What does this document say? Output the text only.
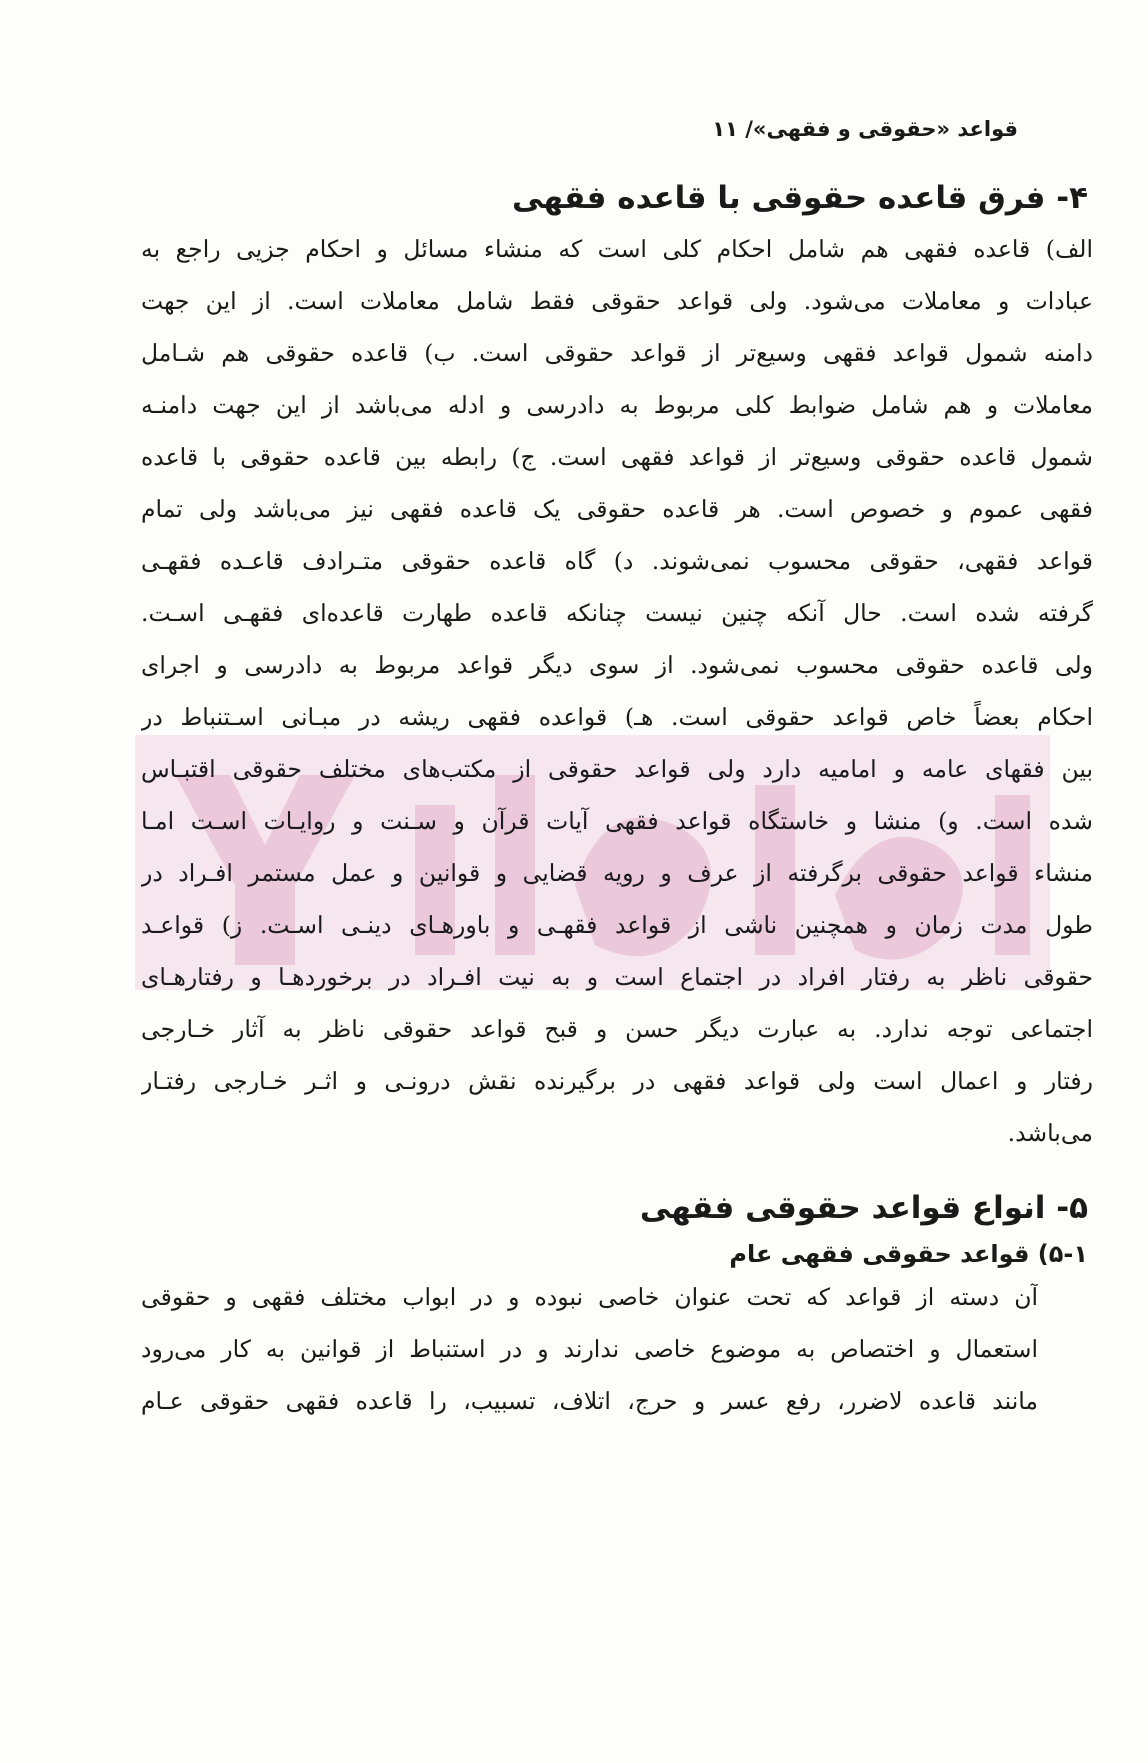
قواعد «حقوقی و فقهی»/ ۱۱
۴- فرق قاعده حقوقی با قاعده فقهی
الف) قاعده فقهی هم شامل احکام کلی است که منشاء مسائل و احکام جزیی راجع به
عبادات و معاملات می‌شود. ولی قواعد حقوقی فقط شامل معاملات است. از این جهت
دامنه شمول قواعد فقهی وسیع‌تر از قواعد حقوقی است. ب) قاعده حقوقی هم شـامل
معاملات و هم شامل ضوابط کلی مربوط به دادرسی و ادله می‌باشد از این جهت دامنـه
شمول قاعده حقوقی وسیع‌تر از قواعد فقهی است. ج) رابطه بین قاعده حقوقی با قاعده
فقهی عموم و خصوص است. هر قاعده حقوقی یک قاعده فقهی نیز می‌باشد ولی تمام
قواعد فقهی، حقوقی محسوب نمی‌شوند. د) گاه قاعده حقوقی متـرادف قاعـده فقهـی
گرفته شده است. حال آنکه چنین نیست چنانکه قاعده طهارت قاعده‌ای فقهـی اسـت.
ولی قاعده حقوقی محسوب نمی‌شود. از سوی دیگر قواعد مربوط به دادرسی و اجرای
احکام بعضاً خاص قواعد حقوقی است. هـ) قواعده فقهی ریشه در مبـانی اسـتنباط در
بین فقهای عامه و امامیه دارد ولی قواعد حقوقی از مکتب‌های مختلف حقوقی اقتبـاس
شده است. و) منشا و خاستگاه قواعد فقهی آیات قرآن و سـنت و روایـات اسـت امـا
منشاء قواعد حقوقی برگرفته از عرف و رویه قضایی و قوانین و عمل مستمر افـراد در
طول مدت زمان و همچنین ناشی از قواعد فقهـی و باورهـای دینـی اسـت. ز) قواعـد
حقوقی ناظر به رفتار افراد در اجتماع است و به نیت افـراد در برخوردهـا و رفتارهـای
اجتماعی توجه ندارد. به عبارت دیگر حسن و قبح قواعد حقوقی ناظر به آثار خـارجی
رفتار و اعمال است ولی قواعد فقهی در برگیرنده نقش درونـی و اثـر خـارجی رفتـار
می‌باشد.
۵- انواع قواعد حقوقی فقهی
۵-۱) قواعد حقوقی فقهی عام
آن دسته از قواعد که تحت عنوان خاصی نبوده و در ابواب مختلف فقهی و حقوقی
استعمال و اختصاص به موضوع خاصی ندارند و در استنباط از قوانین به کار می‌رود
مانند قاعده لاضرر، رفع عسر و حرج، اتلاف، تسبیب، را قاعده فقهی حقوقی عـام
